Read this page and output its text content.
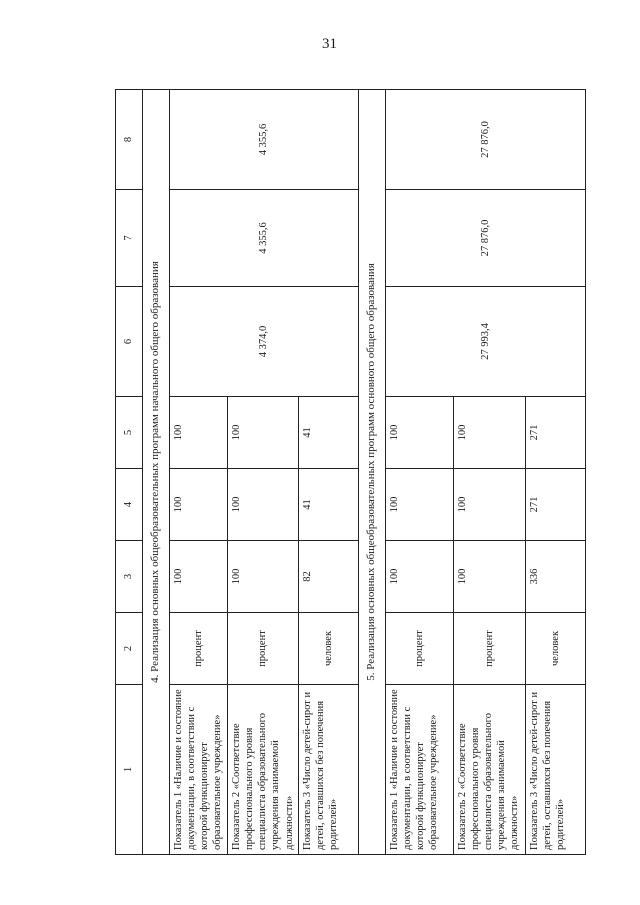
31
1	2	3	4	5	6	7	8
4. Реализация основных общеобразовательных программ начального общего образования							
Показатель 1 «Наличие и состояние документации, в соответствии с которой функционирует образовательное учреждение»	процент	100	100	100	4 374,0	4 355,6	4 355,6
Показатель 2 «Соответствие профессионального уровня специалиста образовательного учреждения занимаемой должности»	процент	100	100	100			
Показатель 3 «Число детей-сирот и детей, оставшихся без попечения родителей»	человек	82	41	41			
5. Реализация основных общеобразовательных программ основного общего образования							
Показатель 1 «Наличие и состояние документации, в соответствии с которой функционирует образовательное учреждение»	процент	100	100	100	27 993,4	27 876,0	27 876,0
Показатель 2 «Соответствие профессионального уровня специалиста образовательного учреждения занимаемой должности»	процент	100	100	100			
Показатель 3 «Число детей-сирот и детей, оставшихся без попечения родителей»	человек	336	271	271			
